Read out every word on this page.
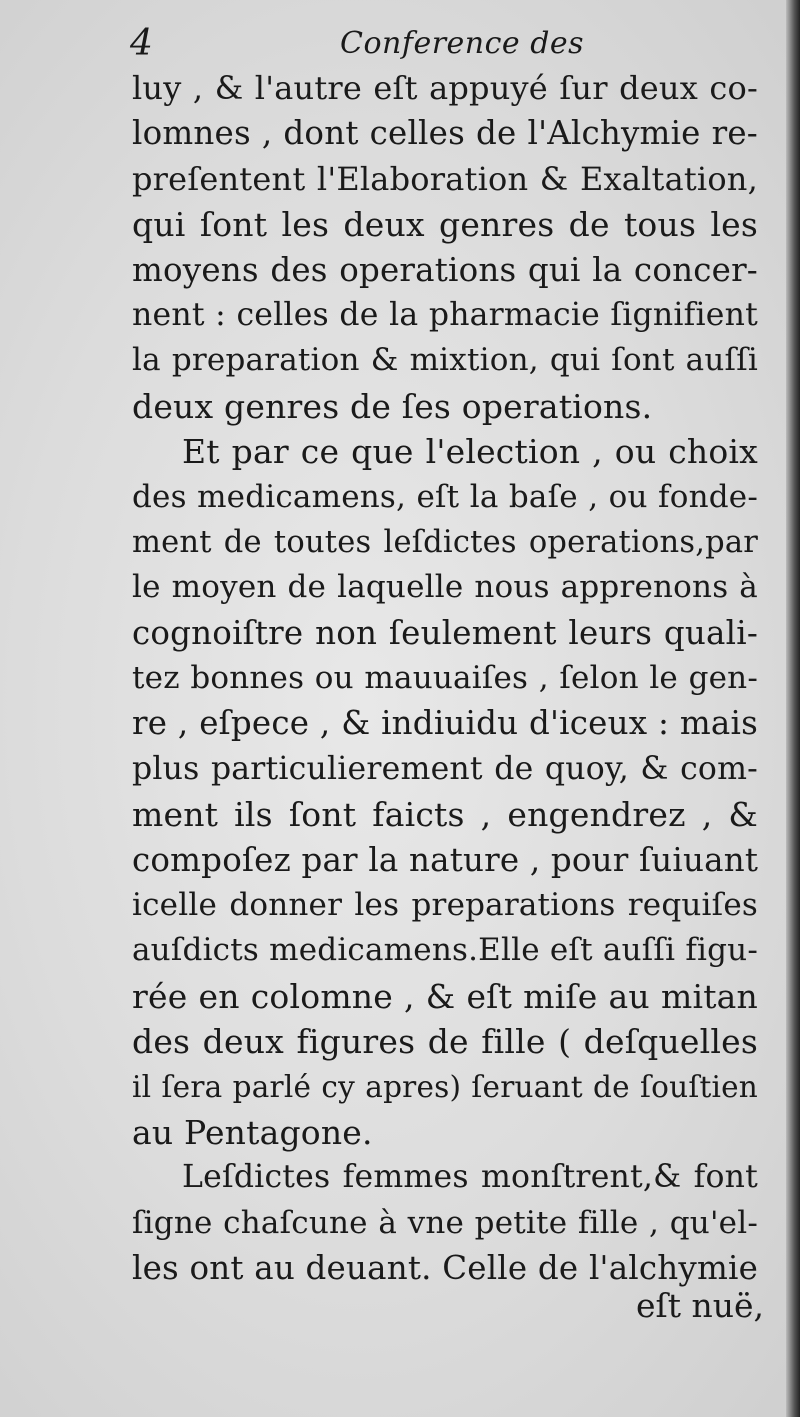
4	Conference des
luy , & l'autre eſt appuyé ſur deux co-
lomnes , dont celles de l'Alchymie re-
preſentent l'Elaboration & Exaltation,
qui ſont les deux genres de tous les
moyens des operations qui la concer-
nent : celles de la pharmacie ſignifient
la preparation & mixtion, qui ſont auſſi
deux genres de ſes operations.
Et par ce que l'election , ou choix
des medicamens, eſt la baſe , ou fonde-
ment de toutes leſdictes operations,par
le moyen de laquelle nous apprenons à
cognoiſtre non ſeulement leurs quali-
tez bonnes ou mauuaiſes , ſelon le gen-
re , eſpece , & indiuidu d'iceux : mais
plus particulierement de quoy, & com-
ment ils ſont faicts , engendrez , &
compoſez par la nature , pour ſuiuant
icelle donner les preparations requiſes
auſdicts medicamens.Elle eſt auſſi figu-
rée en colomne , & eſt miſe au mitan
des deux figures de fille ( deſquelles
il ſera parlé cy apres) ſeruant de ſouſtien
au Pentagone.
Leſdictes femmes monſtrent,& font
ſigne chaſcune à vne petite fille , qu'el-
les ont au deuant. Celle de l'alchymie
eſt nuë,
